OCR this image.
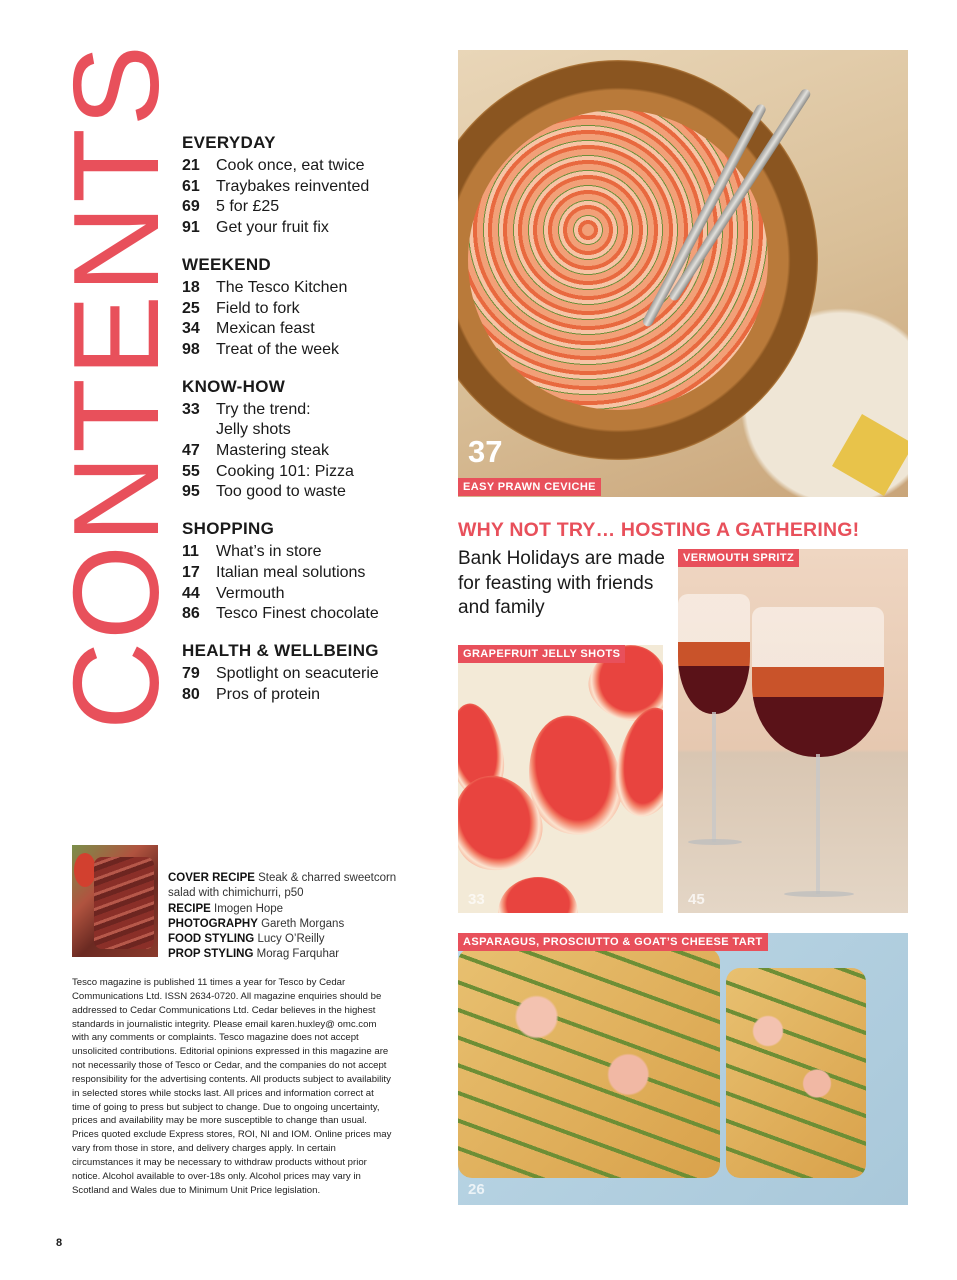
CONTENTS
EVERYDAY
21	Cook once, eat twice
61	Traybakes reinvented
69	5 for £25
91	Get your fruit fix
WEEKEND
18	The Tesco Kitchen
25	Field to fork
34	Mexican feast
98	Treat of the week
KNOW-HOW
33	Try the trend:
Jelly shots
47	Mastering steak
55	Cooking 101: Pizza
95	Too good to waste
SHOPPING
11	What’s in store
17	Italian meal solutions
44	Vermouth
86	Tesco Finest chocolate
HEALTH & WELLBEING
79	Spotlight on seacuterie
80	Pros of protein
COVER RECIPE Steak & charred sweetcorn salad with chimichurri, p50
RECIPE Imogen Hope
PHOTOGRAPHY Gareth Morgans
FOOD STYLING Lucy O’Reilly
PROP STYLING Morag Farquhar
Tesco magazine is published 11 times a year for Tesco by Cedar Communications Ltd. ISSN 2634-0720. All magazine enquiries should be addressed to Cedar Communications Ltd. Cedar believes in the highest standards in journalistic integrity. Please email karen.huxley@ omc.com with any comments or complaints. Tesco magazine does not accept unsolicited contributions. Editorial opinions expressed in this magazine are not necessarily those of Tesco or Cedar, and the companies do not accept responsibility for the advertising contents. All products subject to availability in selected stores while stocks last. All prices and information correct at time of going to press but subject to change. Due to ongoing uncertainty, prices and availability may be more susceptible to change than usual. Prices quoted exclude Express stores, ROI, NI and IOM. Online prices may vary from those in store, and delivery charges apply. In certain circumstances it may be necessary to withdraw products without prior notice. Alcohol available to over-18s only. Alcohol prices may vary in Scotland and Wales due to Minimum Unit Price legislation.
8
37
EASY PRAWN CEVICHE
WHY NOT TRY… HOSTING A GATHERING!
Bank Holidays are made for feasting with friends and family
VERMOUTH SPRITZ
45
GRAPEFRUIT JELLY SHOTS
33
ASPARAGUS, PROSCIUTTO & GOAT’S CHEESE TART
26
